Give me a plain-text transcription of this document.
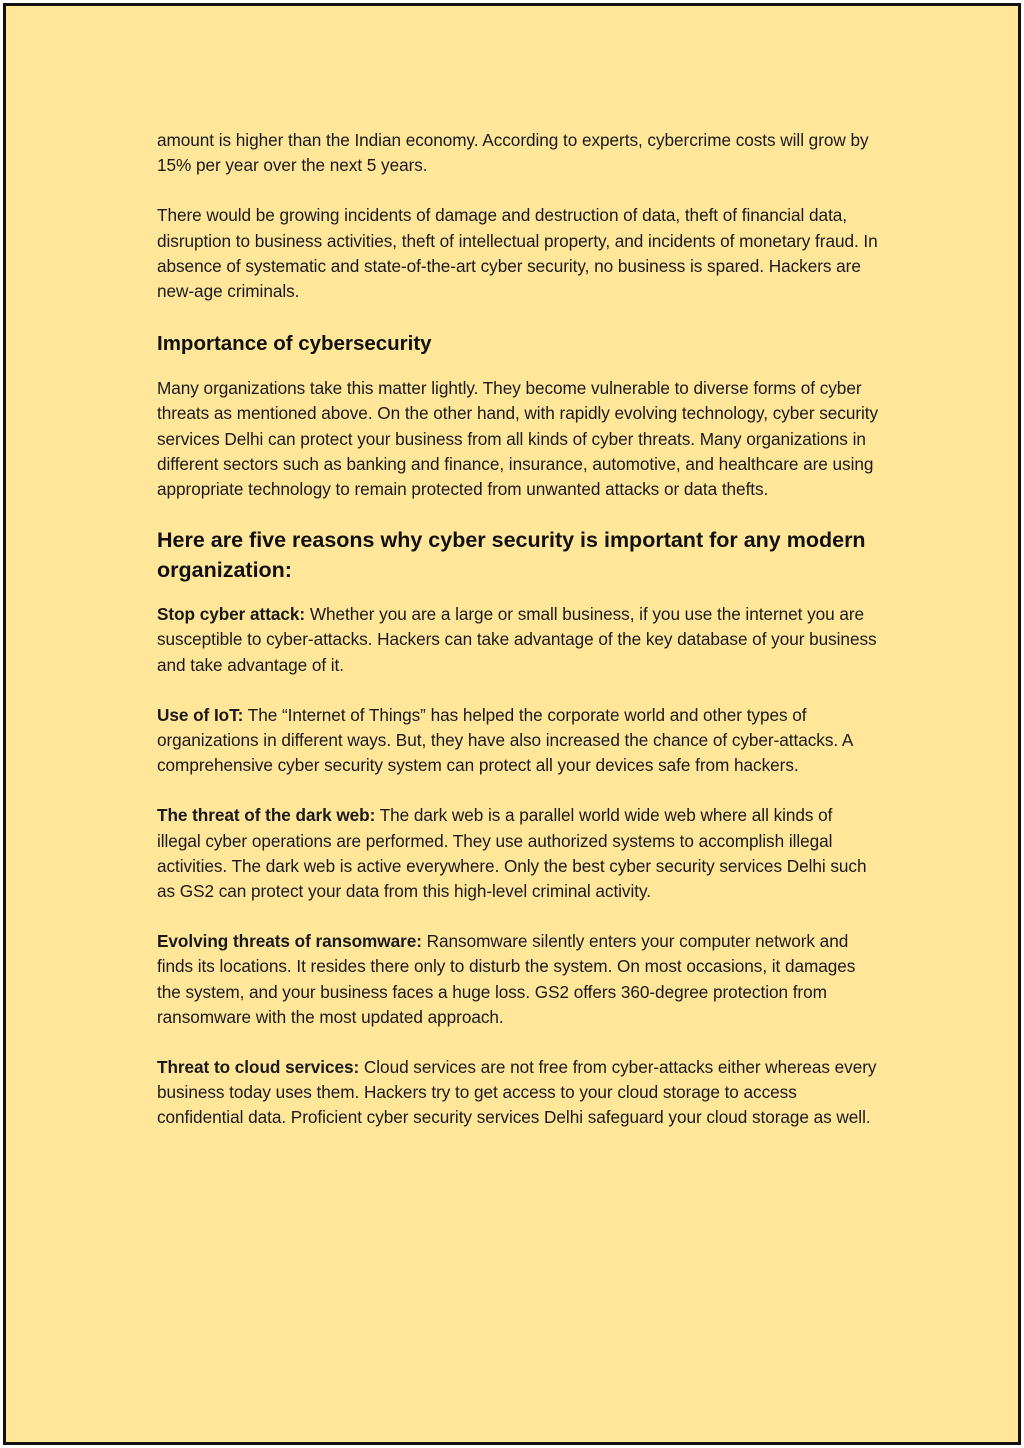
amount is higher than the Indian economy. According to experts, cybercrime costs will grow by 15% per year over the next 5 years.

There would be growing incidents of damage and destruction of data, theft of financial data, disruption to business activities, theft of intellectual property, and incidents of monetary fraud. In absence of systematic and state-of-the-art cyber security, no business is spared. Hackers are new-age criminals.

Importance of cybersecurity

Many organizations take this matter lightly. They become vulnerable to diverse forms of cyber threats as mentioned above. On the other hand, with rapidly evolving technology, cyber security services Delhi can protect your business from all kinds of cyber threats. Many organizations in different sectors such as banking and finance, insurance, automotive, and healthcare are using appropriate technology to remain protected from unwanted attacks or data thefts.

Here are five reasons why cyber security is important for any modern organization:

Stop cyber attack: Whether you are a large or small business, if you use the internet you are susceptible to cyber-attacks. Hackers can take advantage of the key database of your business and take advantage of it.

Use of IoT: The “Internet of Things” has helped the corporate world and other types of organizations in different ways. But, they have also increased the chance of cyber-attacks. A comprehensive cyber security system can protect all your devices safe from hackers.

The threat of the dark web: The dark web is a parallel world wide web where all kinds of illegal cyber operations are performed. They use authorized systems to accomplish illegal activities. The dark web is active everywhere. Only the best cyber security services Delhi such as GS2 can protect your data from this high-level criminal activity.

Evolving threats of ransomware: Ransomware silently enters your computer network and finds its locations. It resides there only to disturb the system. On most occasions, it damages the system, and your business faces a huge loss. GS2 offers 360-degree protection from ransomware with the most updated approach.

Threat to cloud services: Cloud services are not free from cyber-attacks either whereas every business today uses them. Hackers try to get access to your cloud storage to access confidential data. Proficient cyber security services Delhi safeguard your cloud storage as well.
